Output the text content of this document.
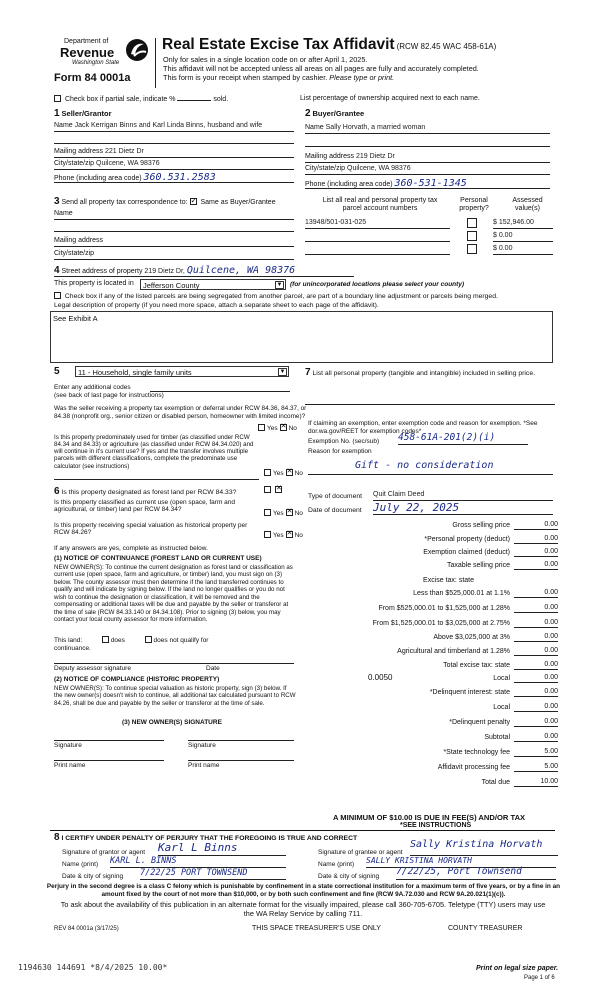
Department of
Revenue
Washington State
Form 84 0001a
Real Estate Excise Tax Affidavit (RCW 82.45 WAC 458-61A)
Only for sales in a single location code on or after April 1, 2025.
This affidavit will not be accepted unless all areas on all pages are fully and accurately completed.
This form is your receipt when stamped by cashier. Please type or print.
Check box if partial sale, indicate %	sold.	List percentage of ownership acquired next to each name.
1 Seller/Grantor
Name Jack Kerrigan Binns and Karl Linda Binns, husband and wife
Mailing address 221 Dietz Dr
City/state/zip Quilcene, WA 98376
Phone (including area code) 360.531.2583
2 Buyer/Grantee
Name Sally Horvath, a married woman
Mailing address 219 Dietz Dr
City/state/zip Quilcene, WA 98376
Phone (including area code) 360-531-1345
3 Send all property tax correspondence to: ✓ Same as Buyer/Grantee
Name
Mailing address
City/state/zip
List all real and personal property tax
parcel account numbers
Personal
property?
Assessed
value(s)
13948/501-031-025	$ 152,946.00
$ 0.00
$ 0.00
4 Street address of property 219 Dietz Dr, Quilcene, WA 98376
This property is located in	Jefferson County	▼ (for unincorporated locations please select your county)
Check box if any of the listed parcels are being segregated from another parcel, are part of a boundary line adjustment or parcels being merged.
Legal description of property (if you need more space, attach a separate sheet to each page of the affidavit).
See Exhibit A
5	11 - Household, single family units	▼
Enter any additional codes
(see back of last page for instructions)
Was the seller receiving a property tax exemption or deferral under RCW 84.36, 84.37, or 84.38 (nonprofit org., senior citizen or disabled person, homeowner with limited income)?
Yes ✕ No
Is this property predominately used for timber (as classified under RCW 84.34 and 84.33) or agriculture (as classified under RCW 84.34.020) and will continue in it's current use? If yes and the transfer involves multiple parcels with different classifications, complete the predominate use calculator (see instructions)
Yes ✕ No
6 Is this property designated as forest land per RCW 84.33?
✕
Is this property classified as current use (open space, farm and agricultural, or timber) land per RCW 84.34?
Yes ✕ No
Is this property receiving special valuation as historical property per RCW 84.26?	Yes ✕ No
If any answers are yes, complete as instructed below.
(1) NOTICE OF CONTINUANCE (FOREST LAND OR CURRENT USE)
NEW OWNER(S): To continue the current designation as forest land or classification as current use (open space, farm and agriculture, or timber) land, you must sign on (3) below. The county assessor must then determine if the land transferred continues to qualify and will indicate by signing below. If the land no longer qualifies or you do not wish to continue the designation or classification, it will be removed and the compensating or additional taxes will be due and payable by the seller or transferor at the time of sale (RCW 84.33.140 or 84.34.108). Prior to signing (3) below, you may contact your local county assessor for more information.
This land:	does	does not qualify for
continuance.
Deputy assessor signature	Date
(2) NOTICE OF COMPLIANCE (HISTORIC PROPERTY)
NEW OWNER(S): To continue special valuation as historic property, sign (3) below. If the new owner(s) doesn't wish to continue, all additional tax calculated pursuant to RCW 84.26, shall be due and payable by the seller or transferor at the time of sale.
(3) NEW OWNER(S) SIGNATURE
Signature	Signature
Print name	Print name
7 List all personal property (tangible and intangible) included in selling price.
If claiming an exemption, enter exemption code and reason for exemption. *See dor.wa.gov/REET for exemption codes*
Exemption No. (sec/sub) 458-61A-201(2)(i)
Reason for exemption
Gift - no consideration
Type of document Quit Claim Deed
Date of document July 22, 2025
Gross selling price	0.00
*Personal property (deduct)	0.00
Exemption claimed (deduct)	0.00
Taxable selling price	0.00
Excise tax: state
Less than $525,000.01 at 1.1%	0.00
From $525,000.01 to $1,525,000 at 1.28%	0.00
From $1,525,000.01 to $3,025,000 at 2.75%	0.00
Above $3,025,000 at 3%	0.00
Agricultural and timberland at 1.28%	0.00
Total excise tax: state	0.00
0.0050	Local	0.00
*Delinquent interest: state	0.00
Local	0.00
*Delinquent penalty	0.00
Subtotal	0.00
*State technology fee	5.00
Affidavit processing fee	5.00
Total due	10.00
A MINIMUM OF $10.00 IS DUE IN FEE(S) AND/OR TAX
*SEE INSTRUCTIONS
8 I CERTIFY UNDER PENALTY OF PERJURY THAT THE FOREGOING IS TRUE AND CORRECT
Signature of grantor or agent Karl L Binns
Name (print) KARL L. BINNS
Date & city of signing 7/22/25 PORT TOWNSEND
Signature of grantee or agent
Sally Kristina Horvath
Name (print) SALLY KRISTINA HORVATH
Date & city of signing 7/22/25, Port Townsend
Perjury in the second degree is a class C felony which is punishable by confinement in a state correctional institution for a maximum term of five years, or by a fine in an amount fixed by the court of not more than $10,000, or by both such confinement and fine (RCW 9A.72.030 and RCW 9A.20.021(1)(c)).
To ask about the availability of this publication in an alternate format for the visually impaired, please call 360-705-6705. Teletype (TTY) users may use the WA Relay Service by calling 711.
REV 84 0001a (3/17/25)	THIS SPACE TREASURER'S USE ONLY	COUNTY TREASURER
1194630 144691 *8/4/2025 10.00*	Print on legal size paper.
Page 1 of 6
